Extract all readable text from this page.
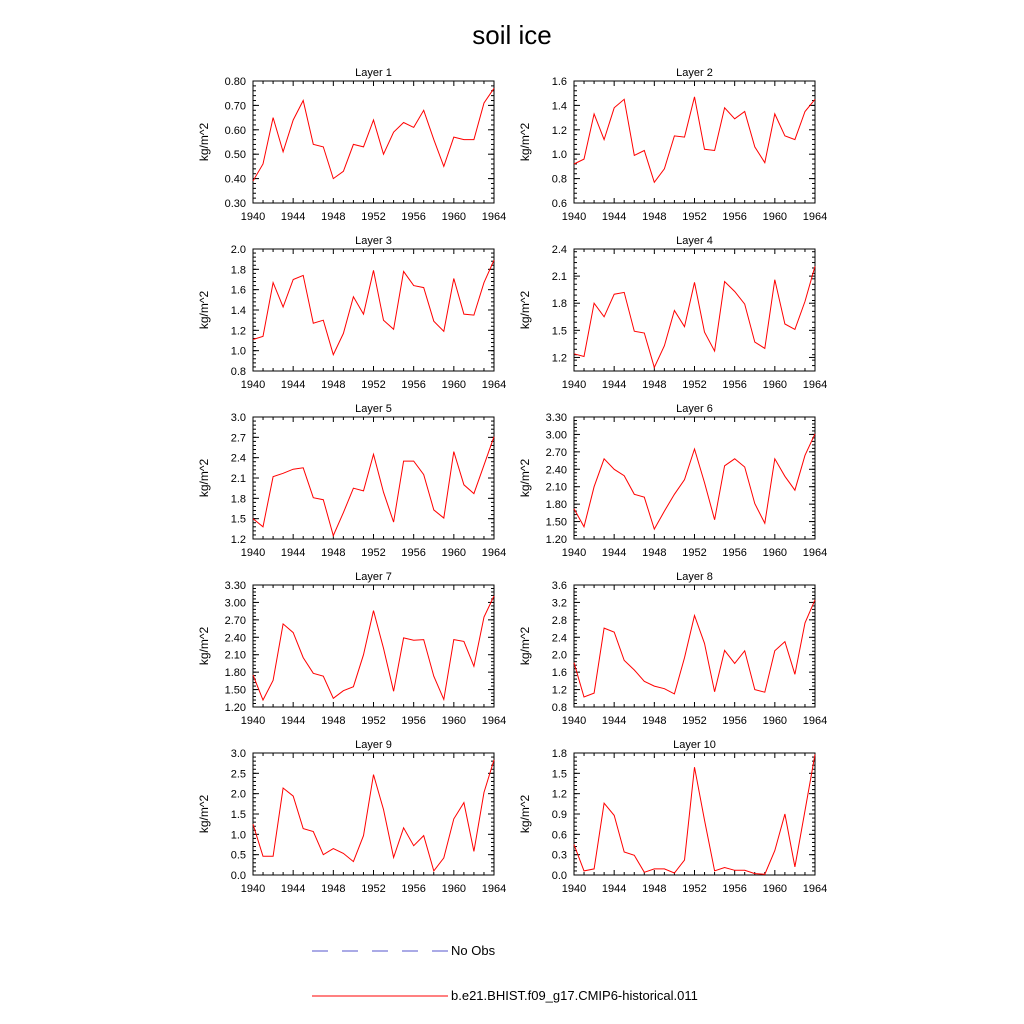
soil ice
Layer 1
kg/m^2
1940 1944 1948 1952 1956 1960 1964
0.30
0.40
0.50
0.60
0.70
0.80
Layer 2
kg/m^2
1940 1944 1948 1952 1956 1960 1964
0.6
0.8
1.0
1.2
1.4
1.6
Layer 3
kg/m^2
1940 1944 1948 1952 1956 1960 1964
0.8
1.0
1.2
1.4
1.6
1.8
2.0
Layer 4
kg/m^2
1940 1944 1948 1952 1956 1960 1964
1.2
1.5
1.8
2.1
2.4
Layer 5
kg/m^2
1940 1944 1948 1952 1956 1960 1964
1.2
1.5
1.8
2.1
2.4
2.7
3.0
Layer 6
kg/m^2
1940 1944 1948 1952 1956 1960 1964
1.20
1.50
1.80
2.10
2.40
2.70
3.00
3.30
Layer 7
kg/m^2
1940 1944 1948 1952 1956 1960 1964
1.20
1.50
1.80
2.10
2.40
2.70
3.00
3.30
Layer 8
kg/m^2
1940 1944 1948 1952 1956 1960 1964
0.8
1.2
1.6
2.0
2.4
2.8
3.2
3.6
Layer 9
kg/m^2
1940 1944 1948 1952 1956 1960 1964
0.0
0.5
1.0
1.5
2.0
2.5
3.0
Layer 10
kg/m^2
1940 1944 1948 1952 1956 1960 1964
0.0
0.3
0.6
0.9
1.2
1.5
1.8
No Obs
b.e21.BHIST.f09_g17.CMIP6-historical.011
